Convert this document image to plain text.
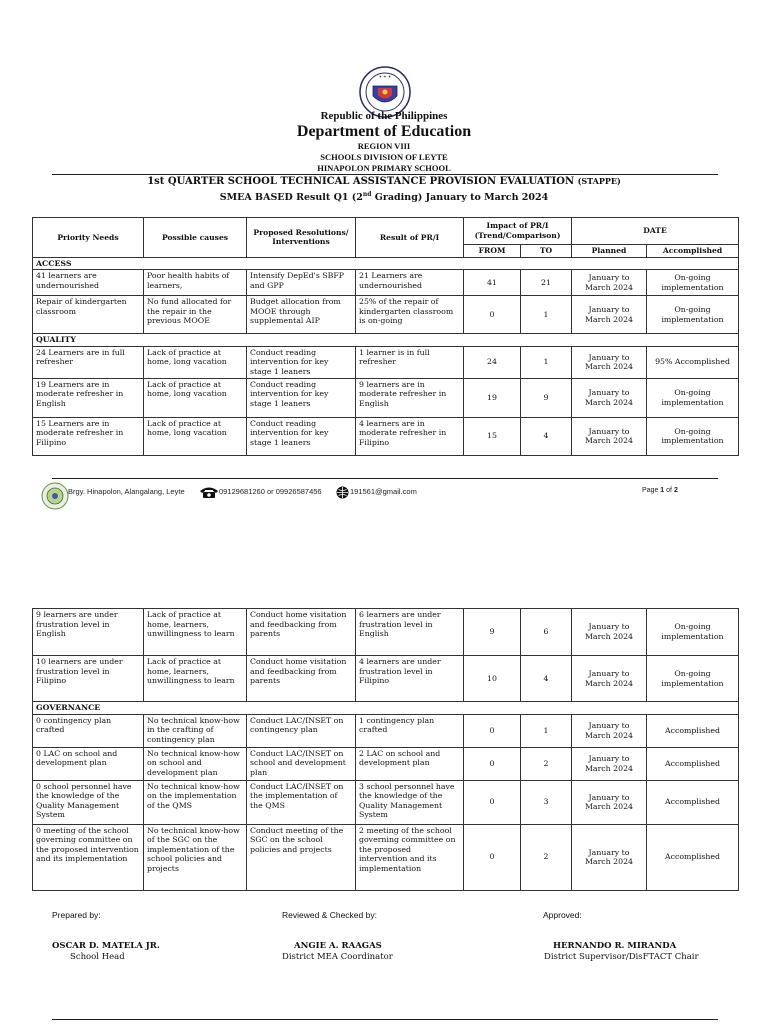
✦ ✦ ✦
Republic of the Philippines
Department of Education
REGION VIII
SCHOOLS DIVISION OF LEYTE
HINAPOLON PRIMARY SCHOOL
1st QUARTER SCHOOL TECHNICAL ASSISTANCE PROVISION EVALUATION (STAPPE)
SMEA BASED Result Q1 (2nd Grading) January to March 2024
Priority Needs	Possible causes	Proposed Resolutions/ Interventions	Result of PR/I	Impact of PR/I (Trend/Comparison)		DATE	
				FROM	TO	Planned	Accomplished
ACCESS							
41 learners are undernourished	Poor health habits of learners,	Intensify DepEd's SBFP and GPP	21 Learners are undernourished	41	21	January to March 2024	On-going implementation
Repair of kindergarten classroom	No fund allocated for the repair in the previous MOOE	Budget allocation from MOOE through supplemental AIP	25% of the repair of kindergarten classroom is on-going	0	1	January to March 2024	On-going implementation
QUALITY							
24 Learners are in full refresher	Lack of practice at home, long vacation	Conduct reading intervention for key stage 1 leaners	1 learner is in full refresher	24	1	January to March 2024	95% Accomplished
19 Learners are in moderate refresher in English	Lack of practice at home, long vacation	Conduct reading intervention for key stage 1 leaners	9 learners are in moderate refresher in English	19	9	January to March 2024	On-going implementation
15 Learners are in moderate refresher in Filipino	Lack of practice at home, long vacation	Conduct reading intervention for key stage 1 leaners	4 learners are in moderate refresher in Filipino	15	4	January to March 2024	On-going implementation
Brgy. Hinapolon, Alangalang, Leyte	09129681260 or 09926587456	191561@gmail.com	Page 1 of 2
9 learners are under frustration level in English	Lack of practice at home, learners, unwillingness to learn	Conduct home visitation and feedbacking from parents	6 learners are under frustration level in English	9	6	January to March 2024	On-going implementation
10 learners are under frustration level in Filipino	Lack of practice at home, learners, unwillingness to learn	Conduct home visitation and feedbacking from parents	4 learners are under frustration level in Filipino	10	4	January to March 2024	On-going implementation
GOVERNANCE							
0 contingency plan crafted	No technical know-how in the crafting of contingency plan	Conduct LAC/INSET on contingency plan	1 contingency plan crafted	0	1	January to March 2024	Accomplished
0 LAC on school and development plan	No technical know-how on school and development plan	Conduct LAC/INSET on school and development plan	2 LAC on school and development plan	0	2	January to March 2024	Accomplished
0 school personnel have the knowledge of the Quality Management System	No technical know-how on the implementation of the QMS	Conduct LAC/INSET on the implementation of the QMS	3 school personnel have the knowledge of the Quality Management System	0	3	January to March 2024	Accomplished
0 meeting of the school governing committee on the proposed intervention and its implementation	No technical know-how of the SGC on the implementation of the school policies and projects	Conduct meeting of the SGC on the school policies and projects	2 meeting of the school governing committee on the proposed intervention and its implementation	0	2	January to March 2024	Accomplished
Prepared by:	Reviewed & Checked by:	Approved:
OSCAR D. MATELA JR.
School Head
ANGIE A. RAAGAS
District MEA Coordinator
HERNANDO R. MIRANDA
District Supervisor/DisFTACT Chair
